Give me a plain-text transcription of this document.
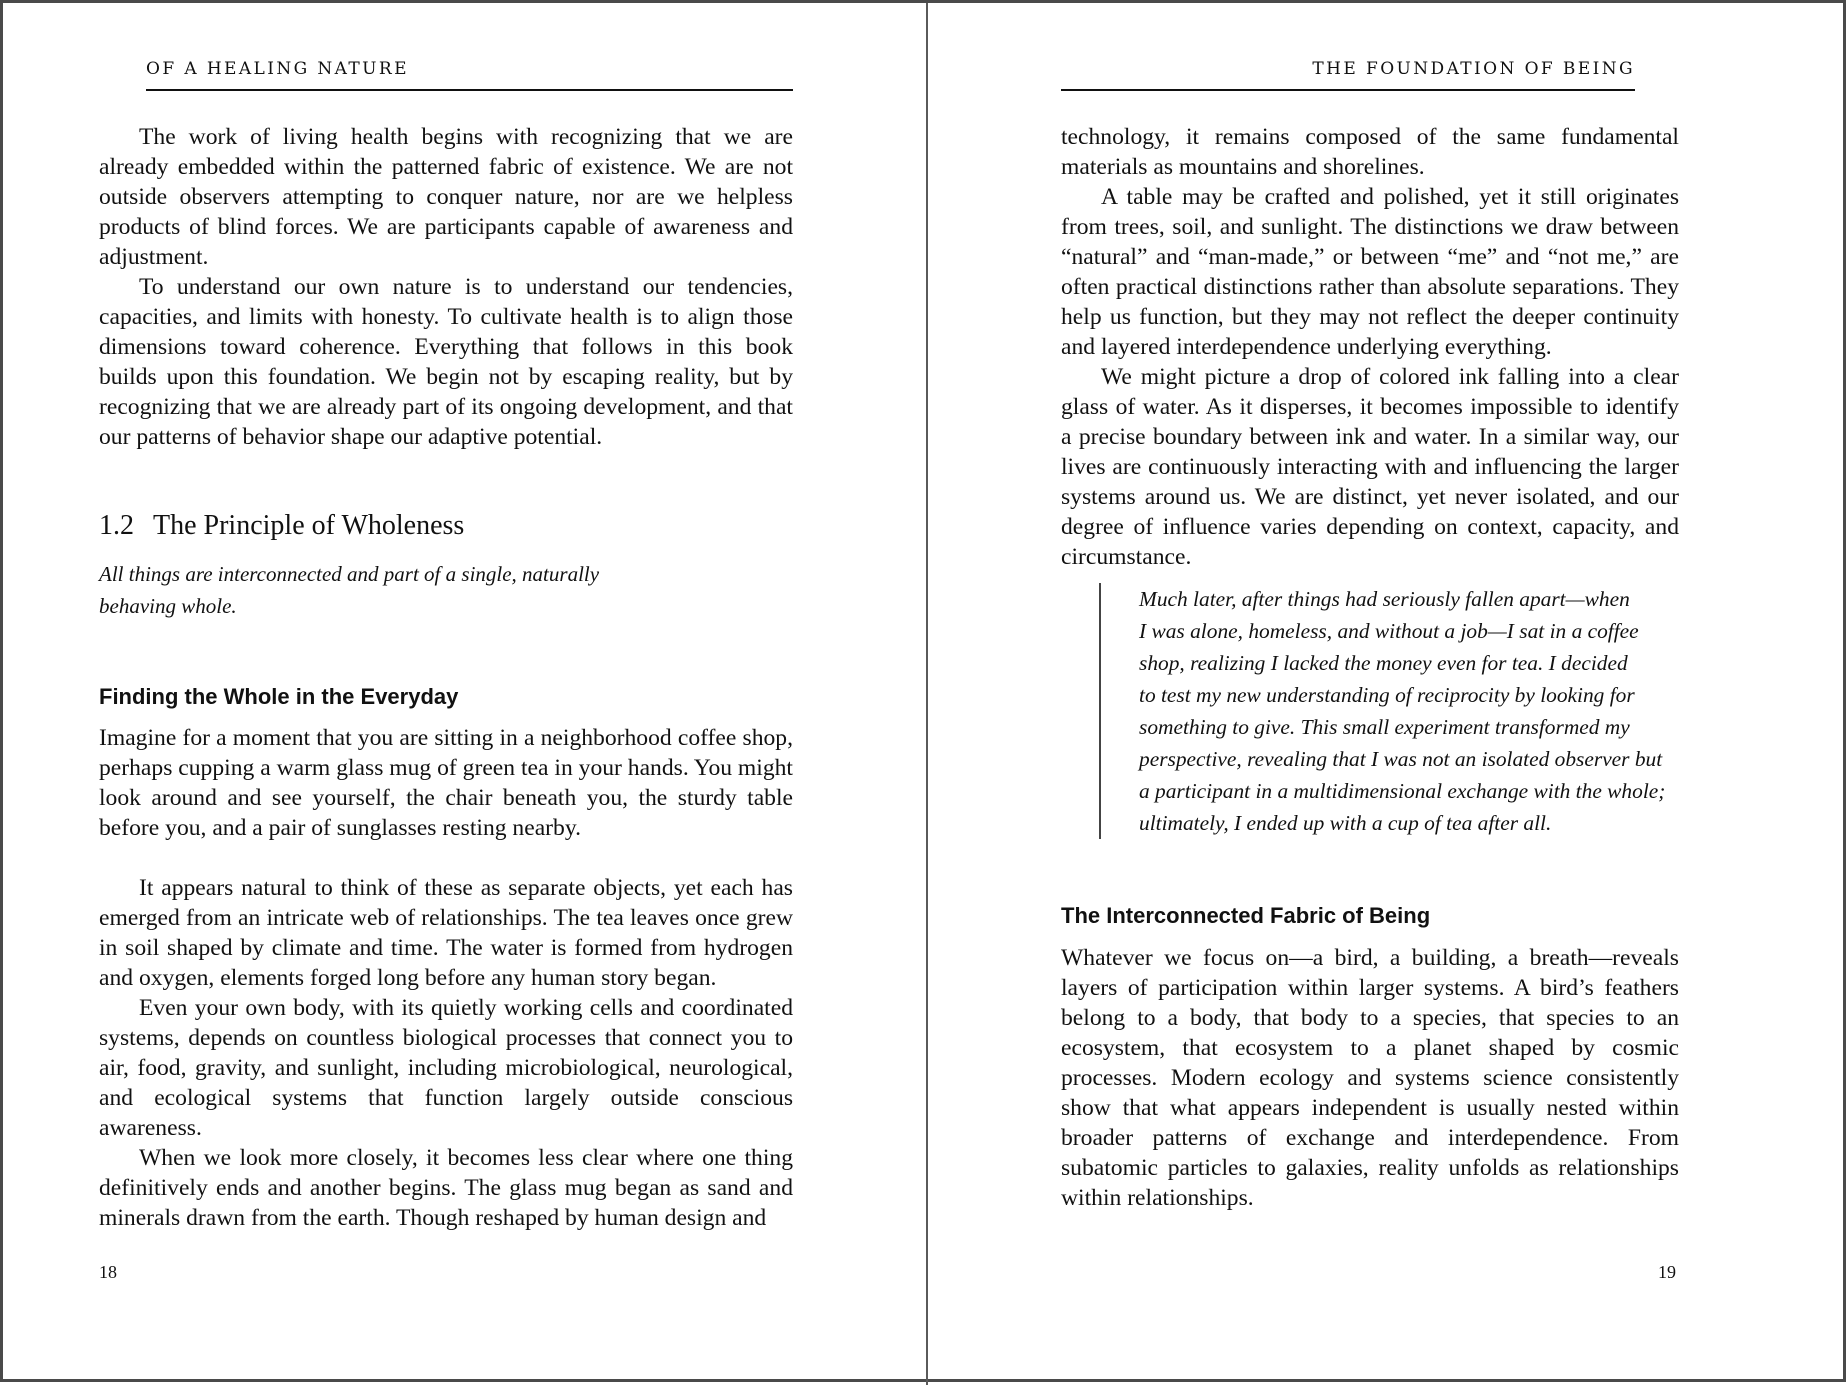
OF A HEALING NATURE

The work of living health begins with recognizing that we are already embedded within the patterned fabric of existence. We are not outside observers attempting to conquer nature, nor are we helpless products of blind forces. We are participants capable of awareness and adjustment.

To understand our own nature is to understand our tendencies, capacities, and limits with honesty. To cultivate health is to align those dimensions toward coherence. Everything that follows in this book builds upon this foundation. We begin not by escaping reality, but by recognizing that we are already part of its ongoing development, and that our patterns of behavior shape our adaptive potential.

1.2 The Principle of Wholeness
All things are interconnected and part of a single, naturally
behaving whole.
Finding the Whole in the Everyday

Imagine for a moment that you are sitting in a neighborhood coffee shop, perhaps cupping a warm glass mug of green tea in your hands. You might look around and see yourself, the chair beneath you, the sturdy table before you, and a pair of sunglasses resting nearby.

It appears natural to think of these as separate objects, yet each has emerged from an intricate web of relationships. The tea leaves once grew in soil shaped by climate and time. The water is formed from hydrogen and oxygen, elements forged long before any human story began.

Even your own body, with its quietly working cells and coordinated systems, depends on countless biological processes that connect you to air, food, gravity, and sunlight, including microbiological, neurological, and ecological systems that function largely outside conscious awareness.

When we look more closely, it becomes less clear where one thing definitively ends and another begins. The glass mug began as sand and minerals drawn from the earth. Though reshaped by human design and

18
THE FOUNDATION OF BEING

technology, it remains composed of the same fundamental materials as mountains and shorelines.

A table may be crafted and polished, yet it still originates from trees, soil, and sunlight. The distinctions we draw between “natural” and “man-made,” or between “me” and “not me,” are often practical distinctions rather than absolute separations. They help us function, but they may not reflect the deeper continuity and layered interdependence underlying everything.

We might picture a drop of colored ink falling into a clear glass of water. As it disperses, it becomes impossible to identify a precise boundary between ink and water. In a similar way, our lives are continuously interacting with and influencing the larger systems around us. We are distinct, yet never isolated, and our degree of influence varies depending on context, capacity, and circumstance.

Much later, after things had seriously fallen apart—when
I was alone, homeless, and without a job—I sat in a coffee
shop, realizing I lacked the money even for tea. I decided
to test my new understanding of reciprocity by looking for
something to give. This small experiment transformed my
perspective, revealing that I was not an isolated observer but
a participant in a multidimensional exchange with the whole;
ultimately, I ended up with a cup of tea after all.
The Interconnected Fabric of Being

Whatever we focus on—a bird, a building, a breath—reveals layers of participation within larger systems. A bird’s feathers belong to a body, that body to a species, that species to an ecosystem, that ecosystem to a planet shaped by cosmic processes. Modern ecology and systems science consistently show that what appears independent is usually nested within broader patterns of exchange and interdependence. From subatomic particles to galaxies, reality unfolds as relationships within relationships.

19
